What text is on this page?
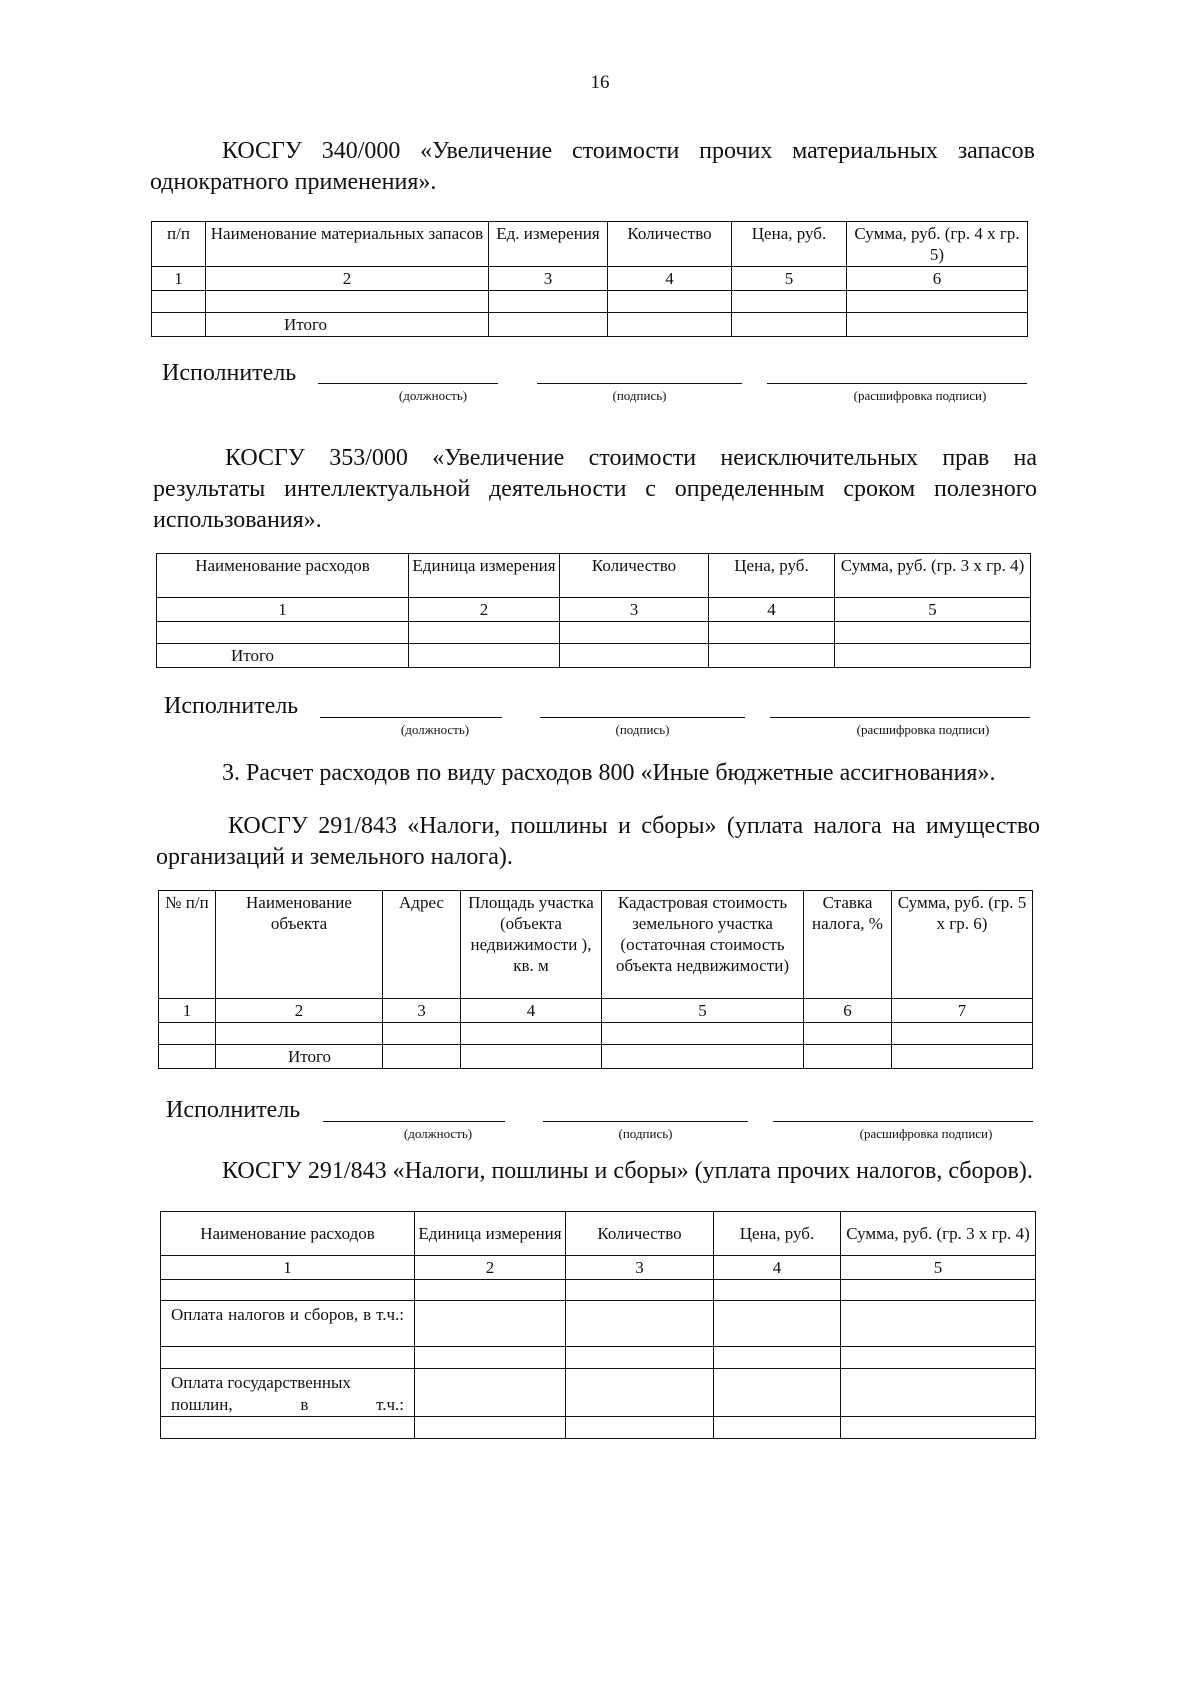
16
КОСГУ 340/000 «Увеличение стоимости прочих материальных запасов
однократного применения».
п/п	Наименование материальных запасов	Ед. измерения	Количество	Цена, руб.	Сумма, руб. (гр. 4 х гр. 5)
1	2	3	4	5	6

	Итого				
Исполнитель
(должность)	(подпись)	(расшифровка подписи)
КОСГУ 353/000 «Увеличение стоимости неисключительных прав на
результаты интеллектуальной деятельности с определенным сроком полезного
использования».
Наименование расходов	Единица измерения	Количество	Цена, руб.	Сумма, руб. (гр. 3 х гр. 4)
1	2	3	4	5

Итого				
Исполнитель
(должность)	(подпись)	(расшифровка подписи)
3. Расчет расходов по виду расходов 800 «Иные бюджетные ассигнования».
КОСГУ 291/843 «Налоги, пошлины и сборы» (уплата налога на имущество
организаций и земельного налога).
№ п/п	Наименование объекта	Адрес	Площадь участка (объекта недвижимости ), кв. м	Кадастровая стоимость земельного участка (остаточная стоимость объекта недвижимости)	Ставка налога, %	Сумма, руб. (гр. 5 х гр. 6)
1	2	3	4	5	6	7

	Итого					
Исполнитель
(должность)	(подпись)	(расшифровка подписи)
КОСГУ 291/843 «Налоги, пошлины и сборы» (уплата прочих налогов, сборов).
Наименование расходов	Единица измерения	Количество	Цена, руб.	Сумма, руб. (гр. 3 х гр. 4)
1	2	3	4	5

Оплата налогов и сборов, в т.ч.:				

Оплата государственных пошлин, в т.ч.:				
